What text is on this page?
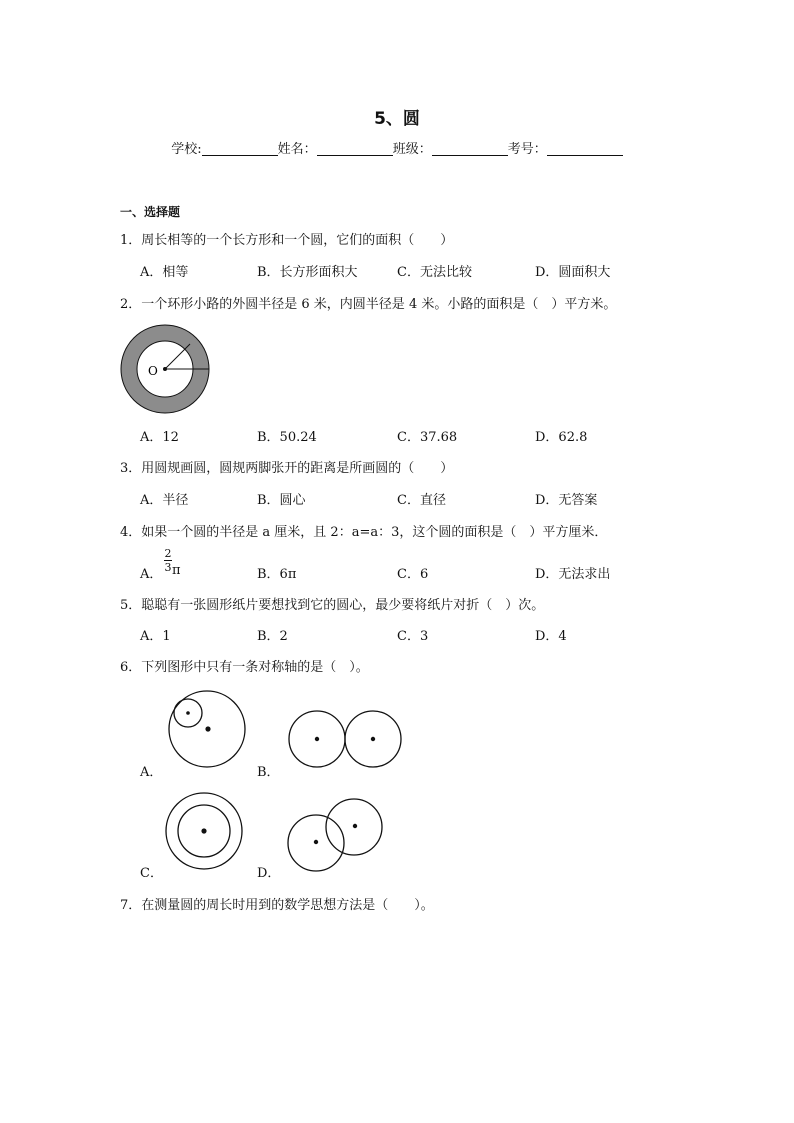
5、圆
学校:	姓名：	班级：	考号：
一、选择题
1．周长相等的一个长方形和一个圆，它们的面积（　　）
A．相等	B．长方形面积大	C．无法比较	D．圆面积大
2．一个环形小路的外圆半径是 6 米，内圆半径是 4 米。小路的面积是（　）平方米。
O
A．12	B．50.24	C．37.68	D．62.8
3．用圆规画圆，圆规两脚张开的距离是所画圆的（　　）
A．半径	B．圆心	C．直径	D．无答案
4．如果一个圆的半径是 a 厘米，且 2：a=a：3，这个圆的面积是（　）平方厘米．
A．
2
3 π	B．6π	C．6	D．无法求出
5．聪聪有一张圆形纸片要想找到它的圆心，最少要将纸片对折（　）次。
A．1	B．2	C．3	D．4
6．下列图形中只有一条对称轴的是（　）。
A．	B．
C．	D．
7．在测量圆的周长时用到的数学思想方法是（　　）。
